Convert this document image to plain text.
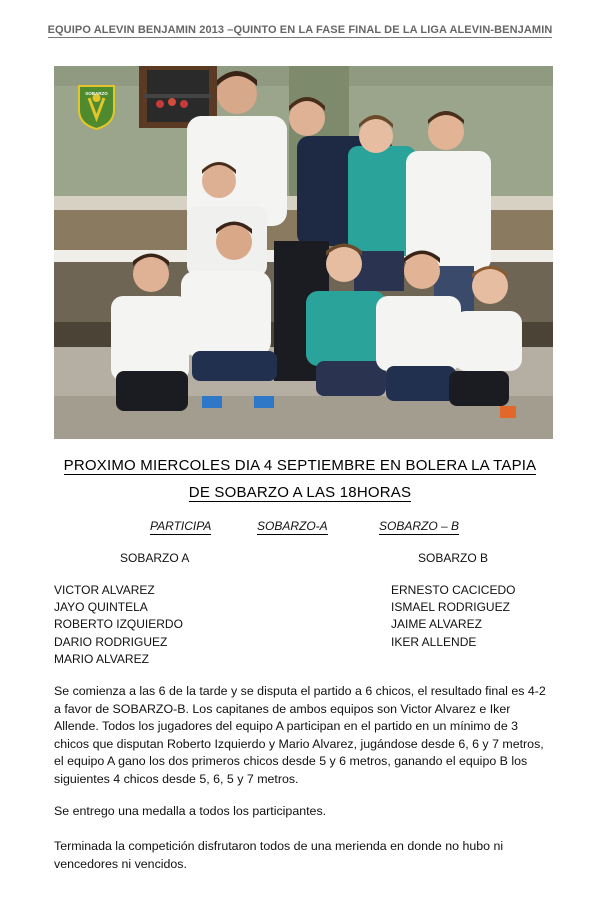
EQUIPO ALEVIN BENJAMIN 2013 –QUINTO EN LA FASE FINAL DE LA LIGA ALEVIN-BENJAMIN
SOBARZO
PROXIMO MIERCOLES DIA 4 SEPTIEMBRE EN BOLERA LA TAPIA
DE SOBARZO A LAS 18HORAS
PARTICIPA	SOBARZO-A	SOBARZO – B
SOBARZO A	SOBARZO B
VICTOR ALVAREZ
JAYO QUINTELA
ROBERTO IZQUIERDO
DARIO RODRIGUEZ
MARIO ALVAREZ
ERNESTO CACICEDO
ISMAEL RODRIGUEZ
JAIME ALVAREZ
IKER ALLENDE

Se comienza a las 6 de la tarde y se disputa el partido a 6 chicos, el resultado final es 4-2 a favor de SOBARZO-B. Los capitanes de ambos equipos son Victor Alvarez e Iker Allende. Todos los jugadores del equipo A participan en el partido en un mínimo de 3 chicos que disputan Roberto Izquierdo y Mario Alvarez, jugándose desde 6, 6 y 7 metros, el equipo A gano los dos primeros chicos desde 5 y 6 metros, ganando el equipo B los siguientes 4 chicos desde 5, 6, 5 y 7 metros.

Se entrego una medalla a todos los participantes.

Terminada la competición disfrutaron todos de una merienda en donde no hubo ni vencedores ni vencidos.
